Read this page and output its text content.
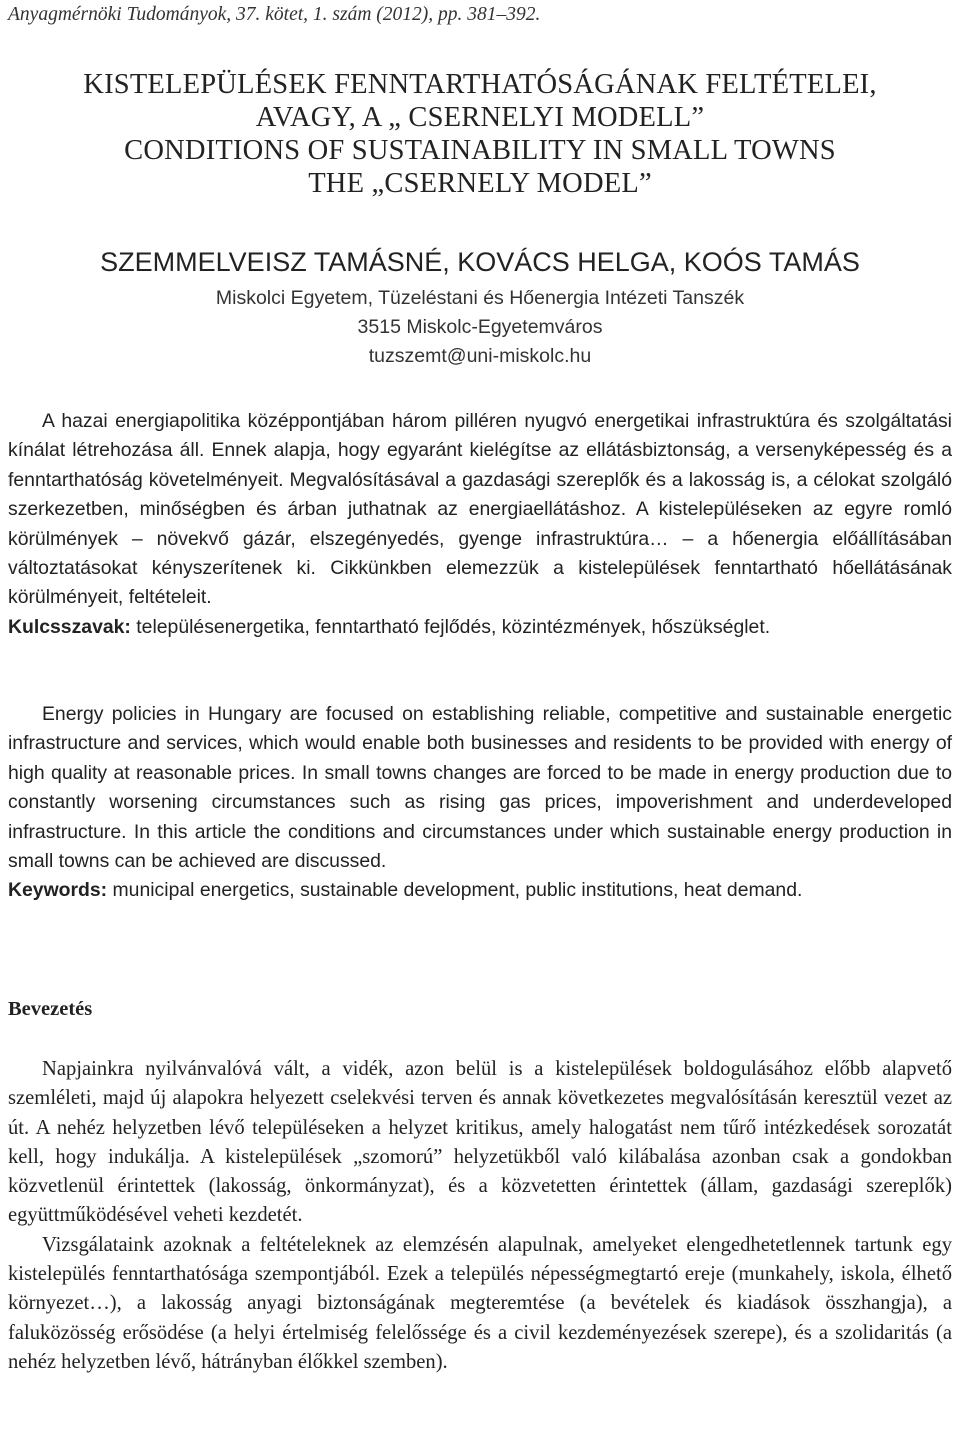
Anyagmérnöki Tudományok, 37. kötet, 1. szám (2012), pp. 381–392.
KISTELEPÜLÉSEK FENNTARTHATÓSÁGÁNAK FELTÉTELEI,
AVAGY, A „ CSERNELYI MODELL”
CONDITIONS OF SUSTAINABILITY IN SMALL TOWNS
THE „CSERNELY MODEL”
SZEMMELVEISZ TAMÁSNÉ, KOVÁCS HELGA, KOÓS TAMÁS
Miskolci Egyetem, Tüzeléstani és Hőenergia Intézeti Tanszék
3515 Miskolc-Egyetemváros
tuzszemt@uni-miskolc.hu

A hazai energiapolitika középpontjában három pilléren nyugvó energetikai infrastruktúra és szolgáltatási kínálat létrehozása áll. Ennek alapja, hogy egyaránt kielégítse az ellátásbiztonság, a versenyképesség és a fenntarthatóság követelményeit. Megvalósításával a gazdasági szereplők és a lakosság is, a célokat szolgáló szerkezetben, minőségben és árban juthatnak az energiaellátáshoz. A kistelepüléseken az egyre romló körülmények – növekvő gázár, elszegényedés, gyenge infrastruktúra… – a hőenergia előállításában változtatásokat kényszerítenek ki. Cikkünkben elemezzük a kistelepülések fenntartható hőellátásának körülményeit, feltételeit.

Kulcsszavak: településenergetika, fenntartható fejlődés, közintézmények, hőszükséglet.

Energy policies in Hungary are focused on establishing reliable, competitive and sustainable energetic infrastructure and services, which would enable both businesses and residents to be provided with energy of high quality at reasonable prices. In small towns changes are forced to be made in energy production due to constantly worsening circumstances such as rising gas prices, impoverishment and underdeveloped infrastructure. In this article the conditions and circumstances under which sustainable energy production in small towns can be achieved are discussed.

Keywords: municipal energetics, sustainable development, public institutions, heat demand.

Bevezetés

Napjainkra nyilvánvalóvá vált, a vidék, azon belül is a kistelepülések boldogulásához előbb alapvető szemléleti, majd új alapokra helyezett cselekvési terven és annak következetes megvalósításán keresztül vezet az út. A nehéz helyzetben lévő településeken a helyzet kritikus, amely halogatást nem tűrő intézkedések sorozatát kell, hogy indukálja. A kistelepülések „szomorú” helyzetükből való kilábalása azonban csak a gondokban közvetlenül érintettek (lakosság, önkormányzat), és a közvetetten érintettek (állam, gazdasági szereplők) együttműködésével veheti kezdetét.

Vizsgálataink azoknak a feltételeknek az elemzésén alapulnak, amelyeket elengedhetetlennek tartunk egy kistelepülés fenntarthatósága szempontjából. Ezek a település népességmegtartó ereje (munkahely, iskola, élhető környezet…), a lakosság anyagi biztonságának megteremtése (a bevételek és kiadások összhangja), a faluközösség erősödése (a helyi értelmiség felelőssége és a civil kezdeményezések szerepe), és a szolidaritás (a nehéz helyzetben lévő, hátrányban élőkkel szemben).
